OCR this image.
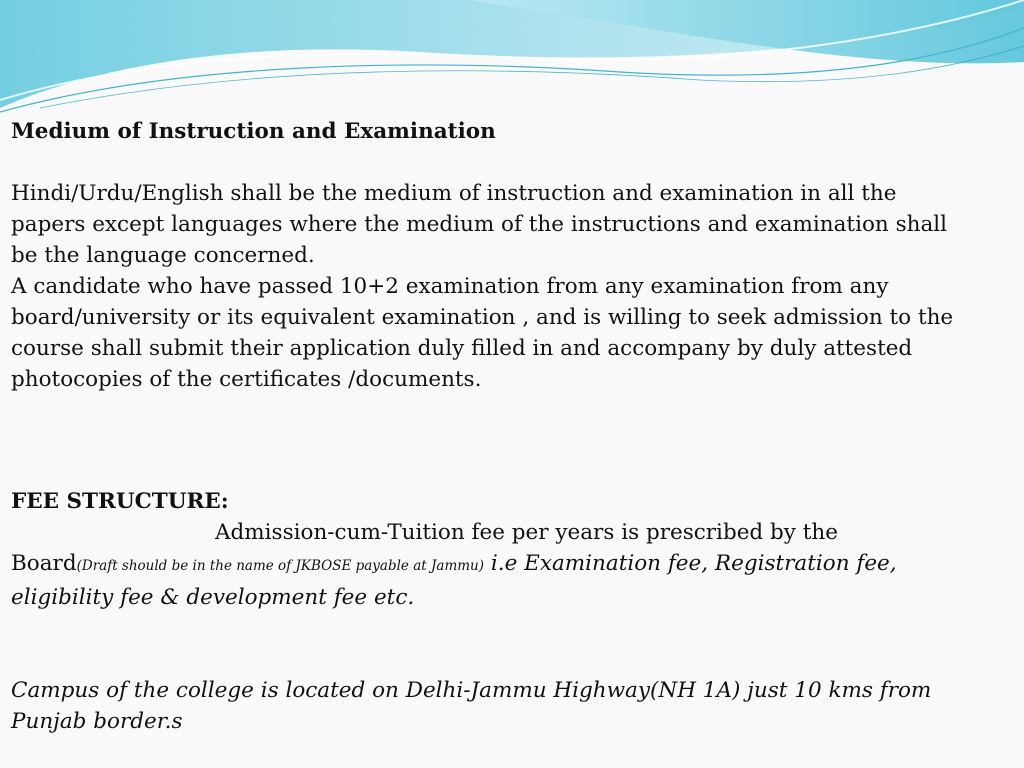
Medium of Instruction and Examination

Hindi/Urdu/English shall be the medium of instruction and examination in all the papers except languages where the medium of the instructions and examination shall be the language concerned.

A candidate who have passed 10+2 examination from any examination from any board/university or its equivalent examination , and is willing to seek admission to the course shall submit their application duly filled in and accompany by duly attested photocopies of the certificates /documents.

FEE STRUCTURE:

Admission-cum-Tuition fee per years is prescribed by the

Board(Draft should be in the name of JKBOSE payable at Jammu) i.e Examination fee, Registration fee, eligibility fee & development fee etc.

Campus of the college is located on Delhi-Jammu Highway(NH 1A) just 10 kms from Punjab border.s
